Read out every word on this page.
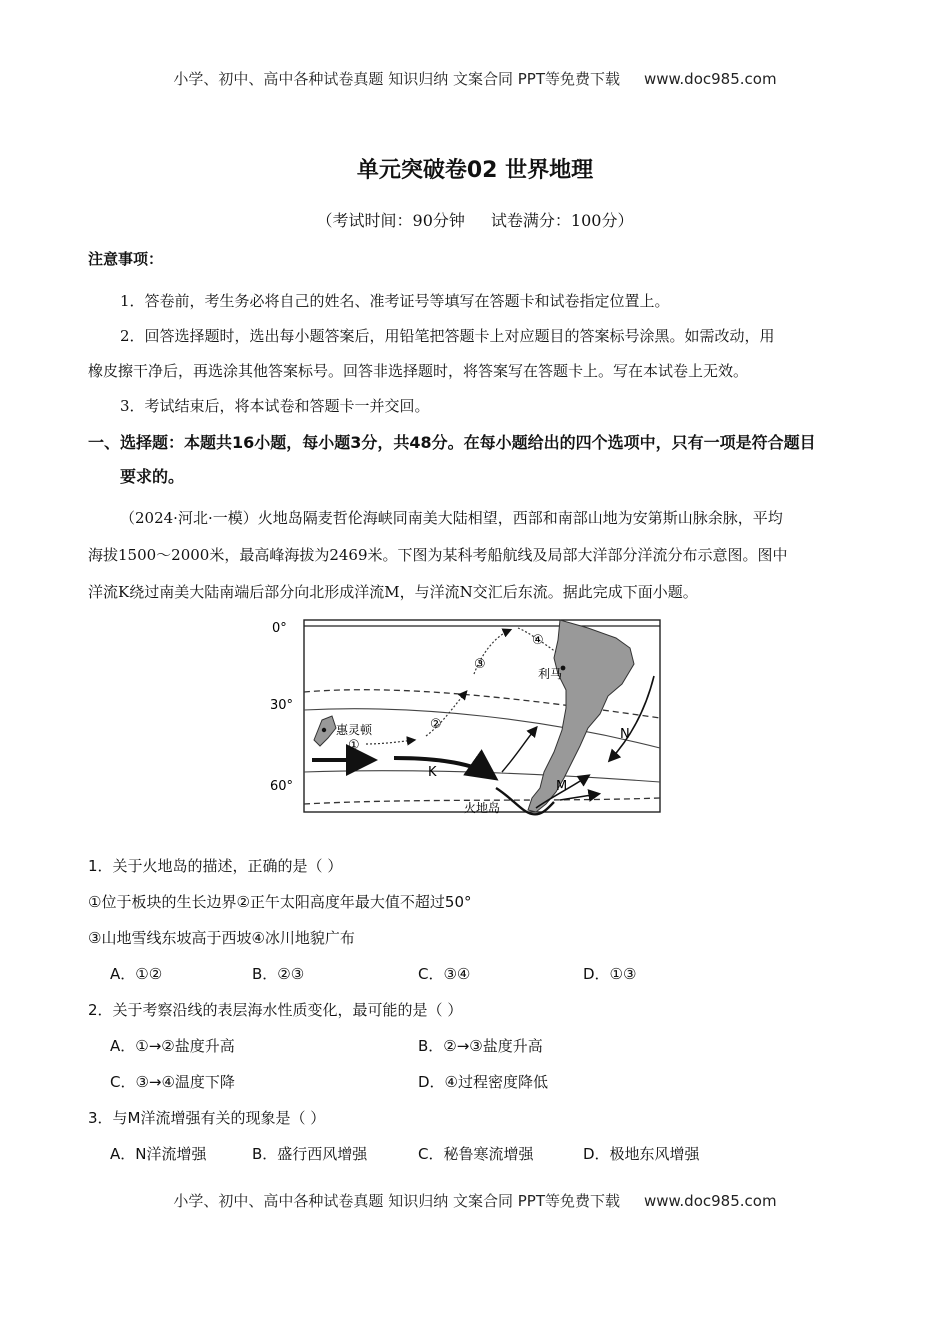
小学、初中、高中各种试卷真题 知识归纳 文案合同 PPT等免费下载 www.doc985.com
单元突破卷02 世界地理
（考试时间：90分钟 试卷满分：100分）
注意事项：
1．答卷前，考生务必将自己的姓名、准考证号等填写在答题卡和试卷指定位置上。
2．回答选择题时，选出每小题答案后，用铅笔把答题卡上对应题目的答案标号涂黑。如需改动，用
橡皮擦干净后，再选涂其他答案标号。回答非选择题时，将答案写在答题卡上。写在本试卷上无效。
3．考试结束后，将本试卷和答题卡一并交回。
一、选择题：本题共16小题，每小题3分，共48分。在每小题给出的四个选项中，只有一项是符合题目
要求的。
（2024·河北·一模）火地岛隔麦哲伦海峡同南美大陆相望，西部和南部山地为安第斯山脉余脉，平均
海拔1500～2000米，最高峰海拔为2469米。下图为某科考船航线及局部大洋部分洋流分布示意图。图中
洋流K绕过南美大陆南端后部分向北形成洋流M，与洋流N交汇后东流。据此完成下面小题。
0°
30°
60°
利马
惠灵顿
K
M
N
①
②
③
④
火地岛
1．关于火地岛的描述，正确的是（ ）
①位于板块的生长边界②正午太阳高度年最大值不超过50°
③山地雪线东坡高于西坡④冰川地貌广布
A．①②	B．②③	C．③④	D．①③
2．关于考察沿线的表层海水性质变化，最可能的是（ ）
A．①→②盐度升高	B．②→③盐度升高
C．③→④温度下降	D．④过程密度降低
3．与M洋流增强有关的现象是（ ）
A．N洋流增强	B．盛行西风增强	C．秘鲁寒流增强	D．极地东风增强
小学、初中、高中各种试卷真题 知识归纳 文案合同 PPT等免费下载 www.doc985.com
